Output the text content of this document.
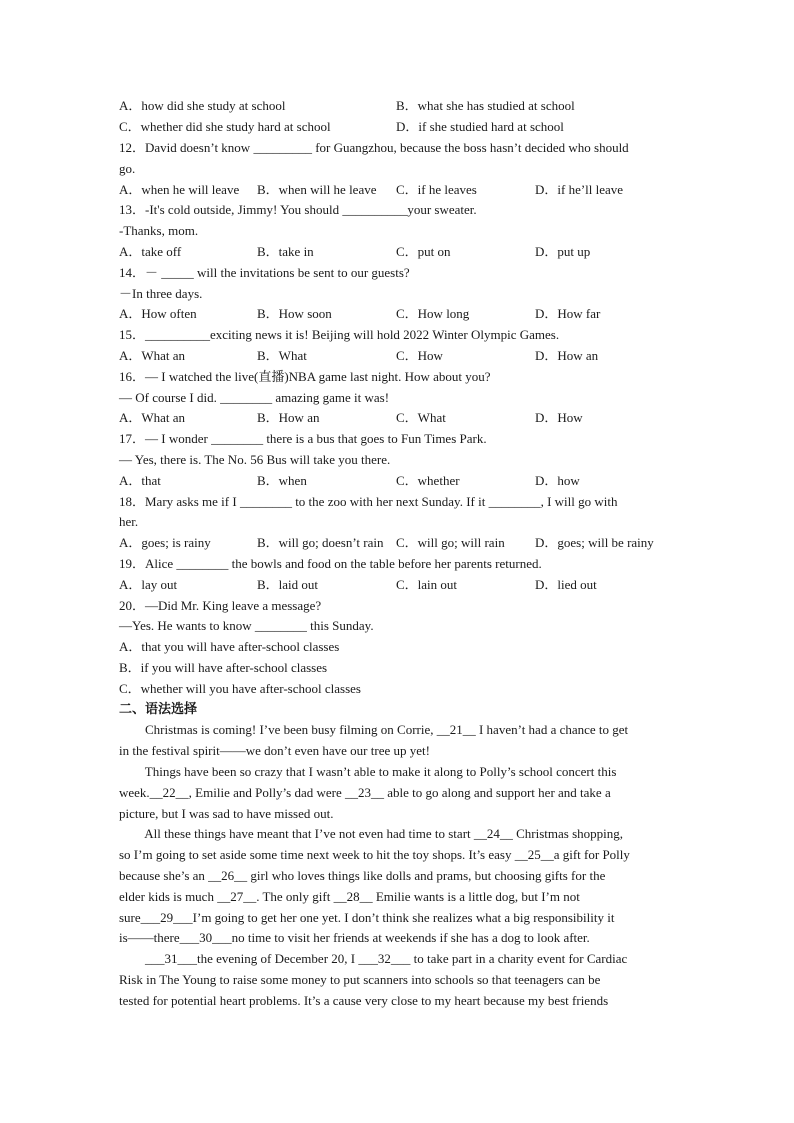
A．how did she study at school	B．what she has studied at school
C．whether did she study hard at school	D．if she studied hard at school
12．David doesn’t know _________ for Guangzhou, because the boss hasn’t decided who should
go.
A．when he will leave B．when will he leave C．if he leaves	D．if he’ll leave
13．-It's cold outside, Jimmy! You should __________your sweater.
-Thanks, mom.
A．take off	B．take in	C．put on	D．put up
14．－ _____ will the invitations be sent to our guests?
－In three days.
A．How often	B．How soon	C．How long	D．How far
15．__________exciting news it is! Beijing will hold 2022 Winter Olympic Games.
A．What an	B．What	C．How	D．How an
16．— I watched the live(直播)NBA game last night. How about you?
— Of course I did. ________ amazing game it was!
A．What an	B．How an	C．What	D．How
17．— I wonder ________ there is a bus that goes to Fun Times Park.
— Yes, there is. The No. 56 Bus will take you there.
A．that	B．when	C．whether	D．how
18．Mary asks me if I ________ to the zoo with her next Sunday. If it ________, I will go with
her.
A．goes; is rainy	B．will go; doesn’t rain C．will go; will rain D．goes; will be rainy
19．Alice ________ the bowls and food on the table before her parents returned.
A．lay out	B．laid out	C．lain out	D．lied out
20．—Did Mr. King leave a message?
—Yes. He wants to know ________ this Sunday.
A．that you will have after-school classes
B．if you will have after-school classes
C．whether will you have after-school classes
二、语法选择
Christmas is coming! I’ve been busy filming on Corrie, __21__ I haven’t had a chance to get
in the festival spirit——we don’t even have our tree up yet!
Things have been so crazy that I wasn’t able to make it along to Polly’s school concert this
week.__22__, Emilie and Polly’s dad were __23__ able to go along and support her and take a
picture, but I was sad to have missed out.
All these things have meant that I’ve not even had time to start __24__ Christmas shopping,
so I’m going to set aside some time next week to hit the toy shops. It’s easy __25__a gift for Polly
because she’s an __26__ girl who loves things like dolls and prams, but choosing gifts for the
elder kids is much __27__. The only gift __28__ Emilie wants is a little dog, but I’m not
sure___29___I’m going to get her one yet. I don’t think she realizes what a big responsibility it
is——there___30___no time to visit her friends at weekends if she has a dog to look after.
___31___the evening of December 20, I ___32___ to take part in a charity event for Cardiac
Risk in The Young to raise some money to put scanners into schools so that teenagers can be
tested for potential heart problems. It’s a cause very close to my heart because my best friends
